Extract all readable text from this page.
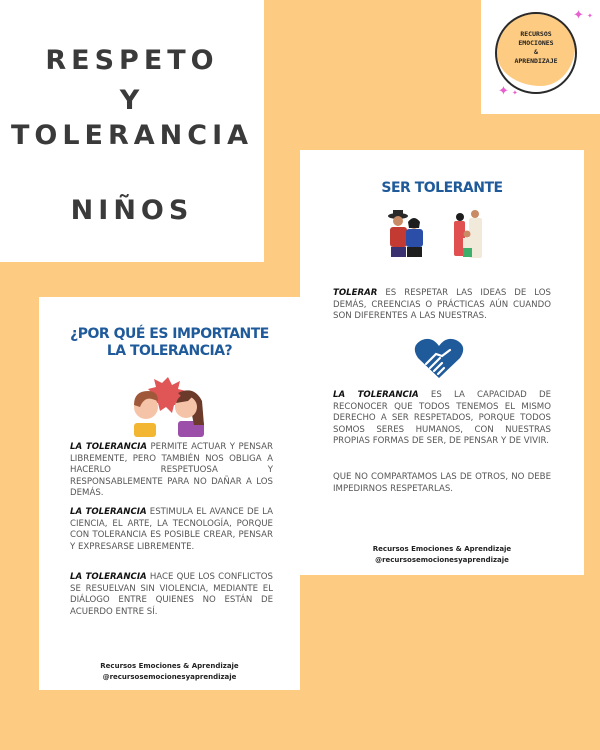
RESPETO
Y
TOLERANCIA
NIÑOS
RECURSOS
EMOCIONES
&
APRENDIZAJE
✦ ✦
✦ ✦
¿POR QUÉ ES IMPORTANTE
LA TOLERANCIA?
LA TOLERANCIA PERMITE ACTUAR Y PENSAR LIBREMENTE, PERO TAMBIÉN NOS OBLIGA A HACERLO RESPETUOSA Y RESPONSABLEMENTE PARA NO DAÑAR A LOS DEMÁS.
LA TOLERANCIA ESTIMULA EL AVANCE DE LA CIENCIA, EL ARTE, LA TECNOLOGÍA, PORQUE CON TOLERANCIA ES POSIBLE CREAR, PENSAR Y EXPRESARSE LIBREMENTE.
LA TOLERANCIA HACE QUE LOS CONFLICTOS SE RESUELVAN SIN VIOLENCIA, MEDIANTE EL DIÁLOGO ENTRE QUIENES NO ESTÁN DE ACUERDO ENTRE SÍ.
Recursos Emociones & Aprendizaje
@recursosemocionesyaprendizaje
SER TOLERANTE
TOLERAR ES RESPETAR LAS IDEAS DE LOS DEMÁS, CREENCIAS O PRÁCTICAS AÚN CUANDO SON DIFERENTES A LAS NUESTRAS.
LA TOLERANCIA ES LA CAPACIDAD DE RECONOCER QUE TODOS TENEMOS EL MISMO DERECHO A SER RESPETADOS, PORQUE TODOS SOMOS SERES HUMANOS, CON NUESTRAS PROPIAS FORMAS DE SER, DE PENSAR Y DE VIVIR.
QUE NO COMPARTAMOS LAS DE OTROS, NO DEBE IMPEDIRNOS RESPETARLAS.
Recursos Emociones & Aprendizaje
@recursosemocionesyaprendizaje
